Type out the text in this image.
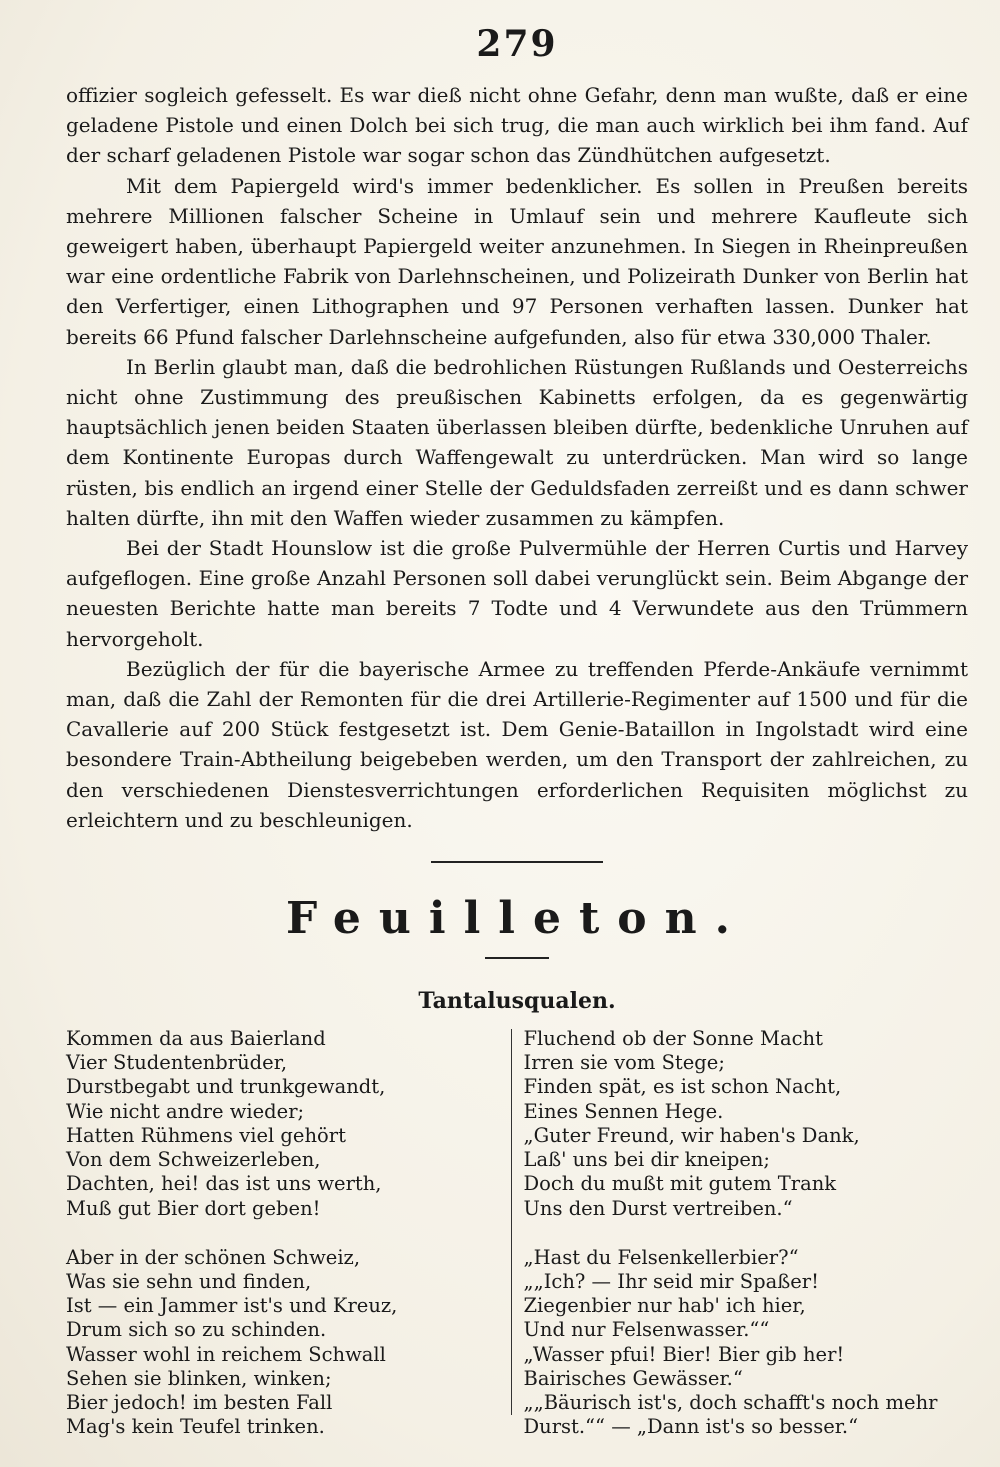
279

offizier sogleich gefesselt. Es war dieß nicht ohne Gefahr, denn man wußte, daß er eine geladene Pistole und einen Dolch bei sich trug, die man auch wirklich bei ihm fand. Auf der scharf geladenen Pistole war sogar schon das Zündhütchen aufgesetzt.

Mit dem Papiergeld wird's immer bedenklicher. Es sollen in Preußen bereits mehrere Millionen falscher Scheine in Umlauf sein und mehrere Kaufleute sich geweigert haben, überhaupt Papiergeld weiter anzunehmen. In Siegen in Rheinpreußen war eine ordentliche Fabrik von Darlehnscheinen, und Polizeirath Dunker von Berlin hat den Verfertiger, einen Lithographen und 97 Personen verhaften lassen. Dunker hat bereits 66 Pfund falscher Darlehnscheine aufgefunden, also für etwa 330,000 Thaler.

In Berlin glaubt man, daß die bedrohlichen Rüstungen Rußlands und Oesterreichs nicht ohne Zustimmung des preußischen Kabinetts erfolgen, da es gegenwärtig hauptsächlich jenen beiden Staaten überlassen bleiben dürfte, bedenkliche Unruhen auf dem Kontinente Europas durch Waffengewalt zu unterdrücken. Man wird so lange rüsten, bis endlich an irgend einer Stelle der Geduldsfaden zerreißt und es dann schwer halten dürfte, ihn mit den Waffen wieder zusammen zu kämpfen.

Bei der Stadt Hounslow ist die große Pulvermühle der Herren Curtis und Harvey aufgeflogen. Eine große Anzahl Personen soll dabei verunglückt sein. Beim Abgange der neuesten Berichte hatte man bereits 7 Todte und 4 Verwundete aus den Trümmern hervorgeholt.

Bezüglich der für die bayerische Armee zu treffenden Pferde-Ankäufe vernimmt man, daß die Zahl der Remonten für die drei Artillerie-Regimenter auf 1500 und für die Cavallerie auf 200 Stück festgesetzt ist. Dem Genie-Bataillon in Ingolstadt wird eine besondere Train-Abtheilung beigebeben werden, um den Transport der zahlreichen, zu den verschiedenen Dienstesverrichtungen erforderlichen Requisiten möglichst zu erleichtern und zu beschleunigen.

Feuilleton.
Tantalusqualen.
Kommen da aus Baierland
Vier Studentenbrüder,
Durstbegabt und trunkgewandt,
Wie nicht andre wieder;
Hatten Rühmens viel gehört
Von dem Schweizerleben,
Dachten, hei! das ist uns werth,
Muß gut Bier dort geben!
Aber in der schönen Schweiz,
Was sie sehn und finden,
Ist — ein Jammer ist's und Kreuz,
Drum sich so zu schinden.
Wasser wohl in reichem Schwall
Sehen sie blinken, winken;
Bier jedoch! im besten Fall
Mag's kein Teufel trinken.
Fluchend ob der Sonne Macht
Irren sie vom Stege;
Finden spät, es ist schon Nacht,
Eines Sennen Hege.
„Guter Freund, wir haben's Dank,
Laß' uns bei dir kneipen;
Doch du mußt mit gutem Trank
Uns den Durst vertreiben.“
„Hast du Felsenkellerbier?“
„„Ich? — Ihr seid mir Spaßer!
Ziegenbier nur hab' ich hier,
Und nur Felsenwasser.““
„Wasser pfui! Bier! Bier gib her!
Bairisches Gewässer.“
„„Bäurisch ist's, doch schafft's noch mehr
Durst.““ — „Dann ist's so besser.“
